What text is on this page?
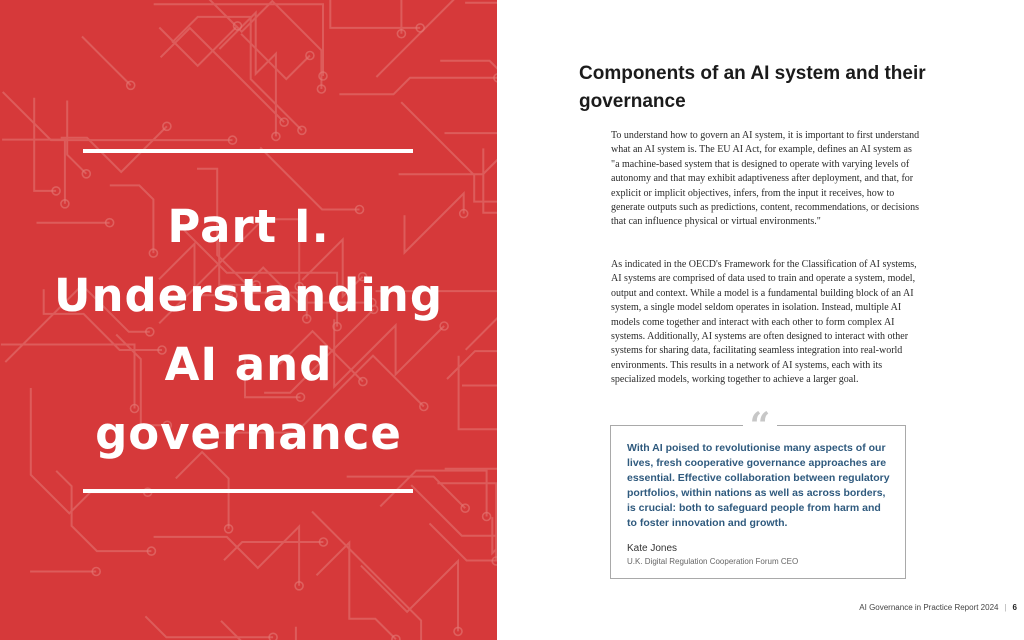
Part I.
Understanding
AI and
governance
Components of an AI system and their governance

To understand how to govern an AI system, it is important to first understand what an AI system is. The EU AI Act, for example, defines an AI system as "a machine-based system that is designed to operate with varying levels of autonomy and that may exhibit adaptiveness after deployment, and that, for explicit or implicit objectives, infers, from the input it receives, how to generate outputs such as predictions, content, recommendations, or decisions that can influence physical or virtual environments."

As indicated in the OECD's Framework for the Classification of AI systems, AI systems are comprised of data used to train and operate a system, model, output and context. While a model is a fundamental building block of an AI system, a single model seldom operates in isolation. Instead, multiple AI models come together and interact with each other to form complex AI systems. Additionally, AI systems are often designed to interact with other systems for sharing data, facilitating seamless integration into real-world environments. This results in a network of AI systems, each with its specialized models, working together to achieve a larger goal.

“

With AI poised to revolutionise many aspects of our lives, fresh cooperative governance approaches are essential. Effective collaboration between regulatory portfolios, within nations as well as across borders, is crucial: both to safeguard people from harm and to foster innovation and growth.

Kate Jones

U.K. Digital Regulation Cooperation Forum CEO

AI Governance in Practice Report 2024 | 6
